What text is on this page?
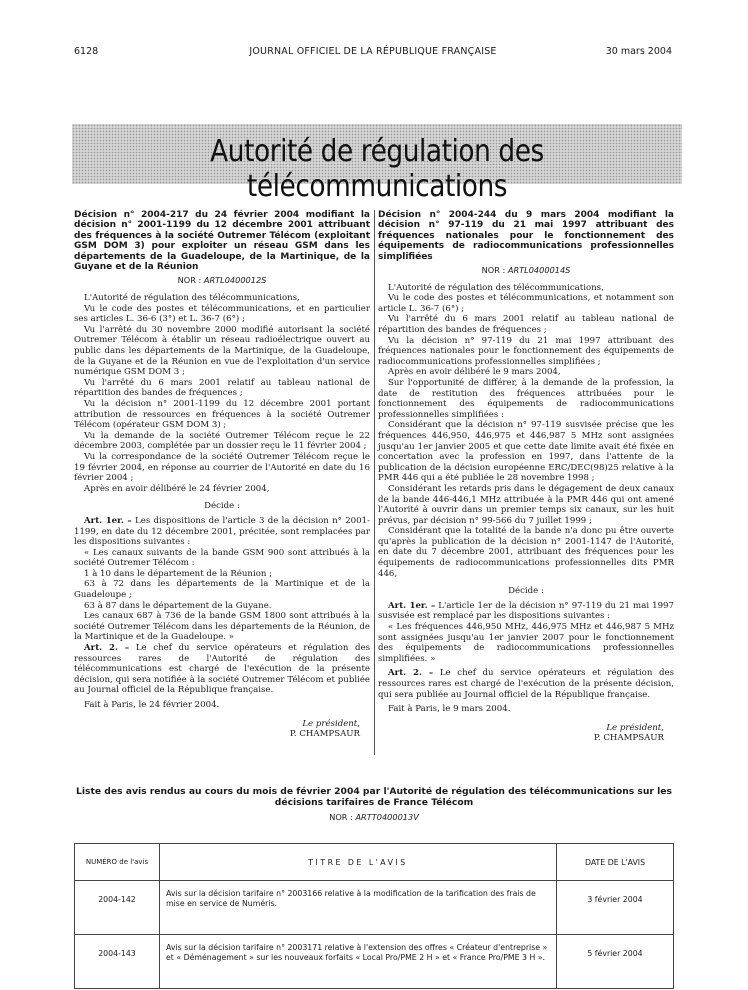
6128	JOURNAL OFFICIEL DE LA RÉPUBLIQUE FRANÇAISE	30 mars 2004
Autorité de régulation des télécommunications
Décision n° 2004-217 du 24 février 2004 modifiant la décision n° 2001-1199 du 12 décembre 2001 attribuant des fréquences à la société Outremer Télécom (exploitant GSM DOM 3) pour exploiter un réseau GSM dans les départements de la Guadeloupe, de la Martinique, de la Guyane et de la Réunion
NOR : ARTL0400012S

L'Autorité de régulation des télécommunications,

Vu le code des postes et télécommunications, et en particulier ses articles L. 36-6 (3°) et L. 36-7 (6°) ;

Vu l'arrêté du 30 novembre 2000 modifié autorisant la société Outremer Télécom à établir un réseau radioélectrique ouvert au public dans les départements de la Martinique, de la Guadeloupe, de la Guyane et de la Réunion en vue de l'exploitation d'un service numérique GSM DOM 3 ;

Vu l'arrêté du 6 mars 2001 relatif au tableau national de répartition des bandes de fréquences ;

Vu la décision n° 2001-1199 du 12 décembre 2001 portant attribution de ressources en fréquences à la société Outremer Télécom (opérateur GSM DOM 3) ;

Vu la demande de la société Outremer Télécom reçue le 22 décembre 2003, complétée par un dossier reçu le 11 février 2004 ;

Vu la correspondance de la société Outremer Télécom reçue le 19 février 2004, en réponse au courrier de l'Autorité en date du 16 février 2004 ;

Après en avoir délibéré le 24 février 2004,

Décide :

Art. 1er. – Les dispositions de l'article 3 de la décision n° 2001-1199, en date du 12 décembre 2001, précitée, sont remplacées par les dispositions suivantes :

« Les canaux suivants de la bande GSM 900 sont attribués à la société Outremer Télécom :

1 à 10 dans le département de la Réunion ;

63 à 72 dans les départements de la Martinique et de la Guadeloupe ;

63 à 87 dans le département de la Guyane.

Les canaux 687 à 736 de la bande GSM 1800 sont attribués à la société Outremer Télécom dans les départements de la Réunion, de la Martinique et de la Guadeloupe. »

Art. 2. – Le chef du service opérateurs et régulation des ressources rares de l'Autorité de régulation des télécommunications est chargé de l'exécution de la présente décision, qui sera notifiée à la société Outremer Télécom et publiée au Journal officiel de la République française.

Fait à Paris, le 24 février 2004.

Le président,
P. CHAMPSAUR
Décision n° 2004-244 du 9 mars 2004 modifiant la décision n° 97-119 du 21 mai 1997 attribuant des fréquences nationales pour le fonctionnement des équipements de radiocommunications professionnelles simplifiées
NOR : ARTL0400014S

L'Autorité de régulation des télécommunications,

Vu le code des postes et télécommunications, et notamment son article L. 36-7 (6°) ;

Vu l'arrêté du 6 mars 2001 relatif au tableau national de répartition des bandes de fréquences ;

Vu la décision n° 97-119 du 21 mai 1997 attribuant des fréquences nationales pour le fonctionnement des équipements de radiocommunications professionnelles simplifiées ;

Après en avoir délibéré le 9 mars 2004,

Sur l'opportunité de différer, à la demande de la profession, la date de restitution des fréquences attribuées pour le fonctionnement des équipements de radiocommunications professionnelles simplifiées :

Considérant que la décision n° 97-119 susvisée précise que les fréquences 446,950, 446,975 et 446,987 5 MHz sont assignées jusqu'au 1er janvier 2005 et que cette date limite avait été fixée en concertation avec la profession en 1997, dans l'attente de la publication de la décision européenne ERC/DEC(98)25 relative à la PMR 446 qui a été publiée le 28 novembre 1998 ;

Considérant les retards pris dans le dégagement de deux canaux de la bande 446-446,1 MHz attribuée à la PMR 446 qui ont amené l'Autorité à ouvrir dans un premier temps six canaux, sur les huit prévus, par décision n° 99-566 du 7 juillet 1999 ;

Considérant que la totalité de la bande n'a donc pu être ouverte qu'après la publication de la décision n° 2001-1147 de l'Autorité, en date du 7 décembre 2001, attribuant des fréquences pour les équipements de radiocommunications professionnelles dits PMR 446,

Décide :

Art. 1er. – L'article 1er de la décision n° 97-119 du 21 mai 1997 susvisée est remplacé par les dispositions suivantes :

« Les fréquences 446,950 MHz, 446,975 MHz et 446,987 5 MHz sont assignées jusqu'au 1er janvier 2007 pour le fonctionnement des équipements de radiocommunications professionnelles simplifiées. »

Art. 2. – Le chef du service opérateurs et régulation des ressources rares est chargé de l'exécution de la présente décision, qui sera publiée au Journal officiel de la République française.

Fait à Paris, le 9 mars 2004.

Le président,
P. CHAMPSAUR
Liste des avis rendus au cours du mois de février 2004 par l'Autorité de régulation des télécommunications sur les décisions tarifaires de France Télécom
NOR : ARTT0400013V
NUMÉRO de l'avis	TITRE DE L'AVIS	DATE DE L'AVIS
2004-142	Avis sur la décision tarifaire n° 2003166 relative à la modification de la tarification des frais de mise en service de Numéris.	3 février 2004
2004-143	Avis sur la décision tarifaire n° 2003171 relative à l'extension des offres « Créateur d'entreprise » et « Déménagement » sur les nouveaux forfaits « Local Pro/PME 2 H » et « France Pro/PME 3 H ».	5 février 2004
